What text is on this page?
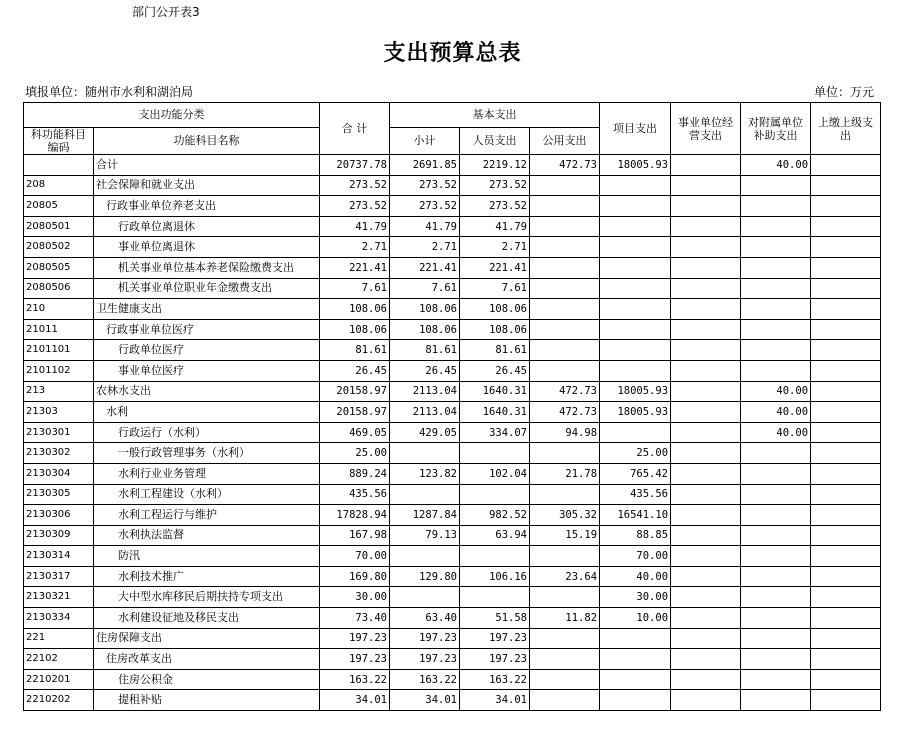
部门公开表3
支出预算总表
填报单位：随州市水利和湖泊局	单位：万元
支出功能分类		合 计	基本支出			项目支出	事业单位经营支出	对附属单位补助支出	上缴上级支出
科功能科目编码	功能科目名称		小计	人员支出	公用支出				
	合计	20737.78	2691.85	2219.12	472.73	18005.93		40.00	
208	社会保障和就业支出	273.52	273.52	273.52					
20805	行政事业单位养老支出	273.52	273.52	273.52					
2080501	行政单位离退休	41.79	41.79	41.79					
2080502	事业单位离退休	2.71	2.71	2.71					
2080505	机关事业单位基本养老保险缴费支出	221.41	221.41	221.41					
2080506	机关事业单位职业年金缴费支出	7.61	7.61	7.61					
210	卫生健康支出	108.06	108.06	108.06					
21011	行政事业单位医疗	108.06	108.06	108.06					
2101101	行政单位医疗	81.61	81.61	81.61					
2101102	事业单位医疗	26.45	26.45	26.45					
213	农林水支出	20158.97	2113.04	1640.31	472.73	18005.93		40.00	
21303	水利	20158.97	2113.04	1640.31	472.73	18005.93		40.00	
2130301	行政运行（水利）	469.05	429.05	334.07	94.98			40.00	
2130302	一般行政管理事务（水利）	25.00				25.00			
2130304	水利行业业务管理	889.24	123.82	102.04	21.78	765.42			
2130305	水利工程建设（水利）	435.56				435.56			
2130306	水利工程运行与维护	17828.94	1287.84	982.52	305.32	16541.10			
2130309	水利执法监督	167.98	79.13	63.94	15.19	88.85			
2130314	防汛	70.00				70.00			
2130317	水利技术推广	169.80	129.80	106.16	23.64	40.00			
2130321	大中型水库移民后期扶持专项支出	30.00				30.00			
2130334	水利建设征地及移民支出	73.40	63.40	51.58	11.82	10.00			
221	住房保障支出	197.23	197.23	197.23					
22102	住房改革支出	197.23	197.23	197.23					
2210201	住房公积金	163.22	163.22	163.22					
2210202	提租补贴	34.01	34.01	34.01					
